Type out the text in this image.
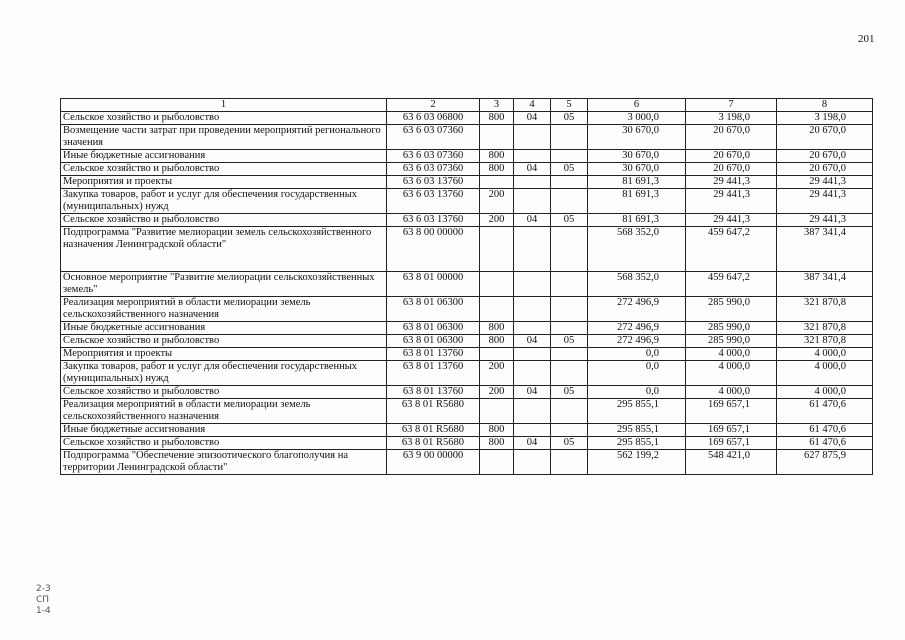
201
1	2	3	4	5	6	7	8
Сельское хозяйство и рыболовство	63 6 03 06800	800	04	05	3 000,0	3 198,0	3 198,0
Возмещение части затрат при проведении мероприятий регионального значения	63 6 03 07360				30 670,0	20 670,0	20 670,0
Иные бюджетные ассигнования	63 6 03 07360	800			30 670,0	20 670,0	20 670,0
Сельское хозяйство и рыболовство	63 6 03 07360	800	04	05	30 670,0	20 670,0	20 670,0
Мероприятия и проекты	63 6 03 13760				81 691,3	29 441,3	29 441,3
Закупка товаров, работ и услуг для обеспечения государственных (муниципальных) нужд	63 6 03 13760	200			81 691,3	29 441,3	29 441,3
Сельское хозяйство и рыболовство	63 6 03 13760	200	04	05	81 691,3	29 441,3	29 441,3
Подпрограмма "Развитие мелиорации земель сельскохозяйственного назначения Ленинградской области"	63 8 00 00000				568 352,0	459 647,2	387 341,4
Основное мероприятие "Развитие мелиорации сельскохозяйственных земель"	63 8 01 00000				568 352,0	459 647,2	387 341,4
Реализация мероприятий в области мелиорации земель сельскохозяйственного назначения	63 8 01 06300				272 496,9	285 990,0	321 870,8
Иные бюджетные ассигнования	63 8 01 06300	800			272 496,9	285 990,0	321 870,8
Сельское хозяйство и рыболовство	63 8 01 06300	800	04	05	272 496,9	285 990,0	321 870,8
Мероприятия и проекты	63 8 01 13760				0,0	4 000,0	4 000,0
Закупка товаров, работ и услуг для обеспечения государственных (муниципальных) нужд	63 8 01 13760	200			0,0	4 000,0	4 000,0
Сельское хозяйство и рыболовство	63 8 01 13760	200	04	05	0,0	4 000,0	4 000,0
Реализация мероприятий в области мелиорации земель сельскохозяйственного назначения	63 8 01 R5680				295 855,1	169 657,1	61 470,6
Иные бюджетные ассигнования	63 8 01 R5680	800			295 855,1	169 657,1	61 470,6
Сельское хозяйство и рыболовство	63 8 01 R5680	800	04	05	295 855,1	169 657,1	61 470,6
Подпрограмма "Обеспечение эпизоотического благополучия на территории Ленинградской области"	63 9 00 00000				562 199,2	548 421,0	627 875,9
2-3
СП
1-4
